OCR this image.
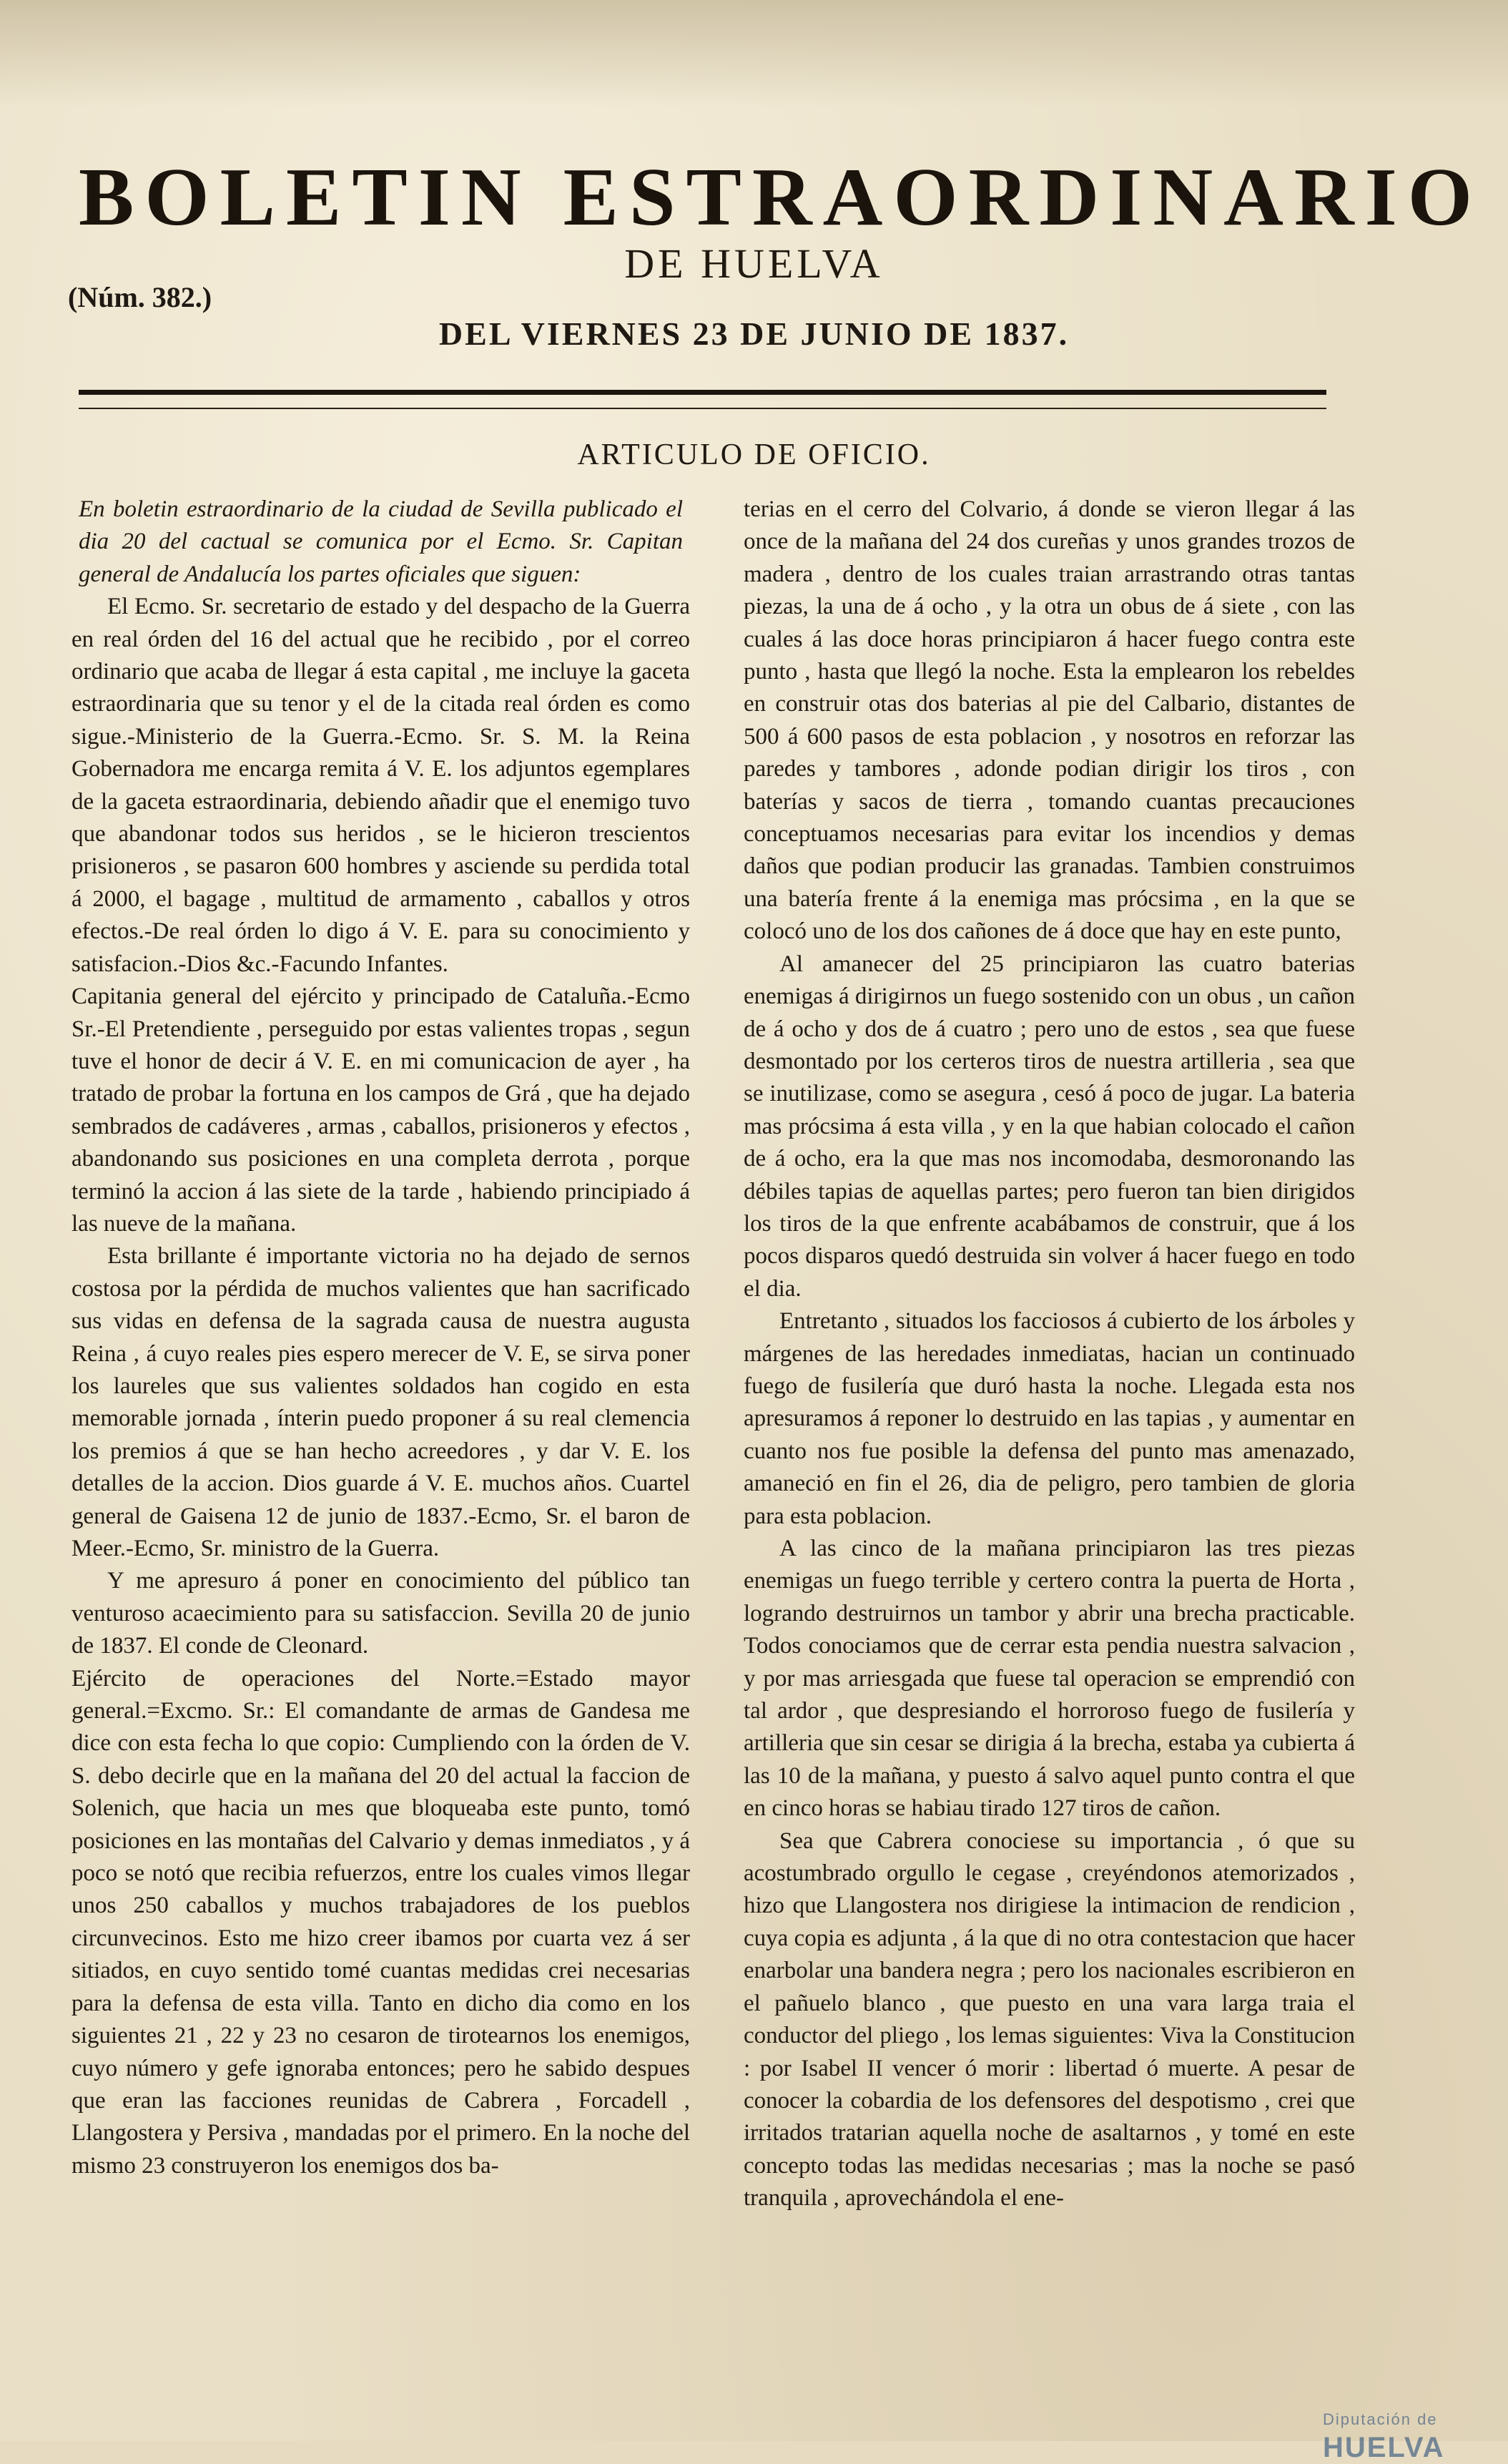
BOLETIN ESTRAORDINARIO
DE HUELVA
(Núm. 382.)
DEL VIERNES 23 DE JUNIO DE 1837.
ARTICULO DE OFICIO.

En boletin estraordinario de la ciudad de Sevilla publicado el dia 20 del cactual se comunica por el Ecmo. Sr. Capitan general de Andalucía los partes oficiales que siguen:

El Ecmo. Sr. secretario de estado y del despacho de la Guerra en real órden del 16 del actual que he recibido , por el correo ordinario que acaba de llegar á esta capital , me incluye la gaceta estraordinaria que su tenor y el de la citada real órden es como sigue.-Ministerio de la Guerra.-Ecmo. Sr. S. M. la Reina Gobernadora me encarga remita á V. E. los adjuntos egemplares de la gaceta estraordinaria, debiendo añadir que el enemigo tuvo que abandonar todos sus heridos , se le hicieron trescientos prisioneros , se pasaron 600 hombres y asciende su perdida total á 2000, el bagage , multitud de armamento , caballos y otros efectos.-De real órden lo digo á V. E. para su conocimiento y satisfacion.-Dios &c.-Facundo Infantes.

Capitania general del ejército y principado de Cataluña.-Ecmo Sr.-El Pretendiente , perseguido por estas valientes tropas , segun tuve el honor de decir á V. E. en mi comunicacion de ayer , ha tratado de probar la fortuna en los campos de Grá , que ha dejado sembrados de cadáveres , armas , caballos, prisioneros y efectos , abandonando sus posiciones en una completa derrota , porque terminó la accion á las siete de la tarde , habiendo principiado á las nueve de la mañana.

Esta brillante é importante victoria no ha dejado de sernos costosa por la pérdida de muchos valientes que han sacrificado sus vidas en defensa de la sagrada causa de nuestra augusta Reina , á cuyo reales pies espero merecer de V. E, se sirva poner los laureles que sus valientes soldados han cogido en esta memorable jornada , ínterin puedo proponer á su real clemencia los premios á que se han hecho acreedores , y dar V. E. los detalles de la accion. Dios guarde á V. E. muchos años. Cuartel general de Gaisena 12 de junio de 1837.-Ecmo, Sr. el baron de Meer.-Ecmo, Sr. ministro de la Guerra.

Y me apresuro á poner en conocimiento del público tan venturoso acaecimiento para su satisfaccion. Sevilla 20 de junio de 1837. El conde de Cleonard.

Ejército de operaciones del Norte.=Estado mayor general.=Excmo. Sr.: El comandante de armas de Gandesa me dice con esta fecha lo que copio: Cumpliendo con la órden de V. S. debo decirle que en la mañana del 20 del actual la faccion de Solenich, que hacia un mes que bloqueaba este punto, tomó posiciones en las montañas del Calvario y demas inmediatos , y á poco se notó que recibia refuerzos, entre los cuales vimos llegar unos 250 caballos y muchos trabajadores de los pueblos circunvecinos. Esto me hizo creer ibamos por cuarta vez á ser sitiados, en cuyo sentido tomé cuantas medidas crei necesarias para la defensa de esta villa. Tanto en dicho dia como en los siguientes 21 , 22 y 23 no cesaron de tirotearnos los enemigos, cuyo número y gefe ignoraba entonces; pero he sabido despues que eran las facciones reunidas de Cabrera , Forcadell , Llangostera y Persiva , mandadas por el primero. En la noche del mismo 23 construyeron los enemigos dos ba-

terias en el cerro del Colvario, á donde se vieron llegar á las once de la mañana del 24 dos cureñas y unos grandes trozos de madera , dentro de los cuales traian arrastrando otras tantas piezas, la una de á ocho , y la otra un obus de á siete , con las cuales á las doce horas principiaron á hacer fuego contra este punto , hasta que llegó la noche. Esta la emplearon los rebeldes en construir otas dos baterias al pie del Calbario, distantes de 500 á 600 pasos de esta poblacion , y nosotros en reforzar las paredes y tambores , adonde podian dirigir los tiros , con baterías y sacos de tierra , tomando cuantas precauciones conceptuamos necesarias para evitar los incendios y demas daños que podian producir las granadas. Tambien construimos una batería frente á la enemiga mas prócsima , en la que se colocó uno de los dos cañones de á doce que hay en este punto,

Al amanecer del 25 principiaron las cuatro baterias enemigas á dirigirnos un fuego sostenido con un obus , un cañon de á ocho y dos de á cuatro ; pero uno de estos , sea que fuese desmontado por los certeros tiros de nuestra artilleria , sea que se inutilizase, como se asegura , cesó á poco de jugar. La bateria mas prócsima á esta villa , y en la que habian colocado el cañon de á ocho, era la que mas nos incomodaba, desmoronando las débiles tapias de aquellas partes; pero fueron tan bien dirigidos los tiros de la que enfrente acabábamos de construir, que á los pocos disparos quedó destruida sin volver á hacer fuego en todo el dia.

Entretanto , situados los facciosos á cubierto de los árboles y márgenes de las heredades inmediatas, hacian un continuado fuego de fusilería que duró hasta la noche. Llegada esta nos apresuramos á reponer lo destruido en las tapias , y aumentar en cuanto nos fue posible la defensa del punto mas amenazado, amaneció en fin el 26, dia de peligro, pero tambien de gloria para esta poblacion.

A las cinco de la mañana principiaron las tres piezas enemigas un fuego terrible y certero contra la puerta de Horta , logrando destruirnos un tambor y abrir una brecha practicable. Todos conociamos que de cerrar esta pendia nuestra salvacion , y por mas arriesgada que fuese tal operacion se emprendió con tal ardor , que despresiando el horroroso fuego de fusilería y artilleria que sin cesar se dirigia á la brecha, estaba ya cubierta á las 10 de la mañana, y puesto á salvo aquel punto contra el que en cinco horas se habiau tirado 127 tiros de cañon.

Sea que Cabrera conociese su importancia , ó que su acostumbrado orgullo le cegase , creyéndonos atemorizados , hizo que Llangostera nos dirigiese la intimacion de rendicion , cuya copia es adjunta , á la que di no otra contestacion que hacer enarbolar una bandera negra ; pero los nacionales escribieron en el pañuelo blanco , que puesto en una vara larga traia el conductor del pliego , los lemas siguientes: Viva la Constitucion : por Isabel II vencer ó morir : libertad ó muerte. A pesar de conocer la cobardia de los defensores del despotismo , crei que irritados tratarian aquella noche de asaltarnos , y tomé en este concepto todas las medidas necesarias ; mas la noche se pasó tranquila , aprovechándola el ene-

Diputación de HUELVA
